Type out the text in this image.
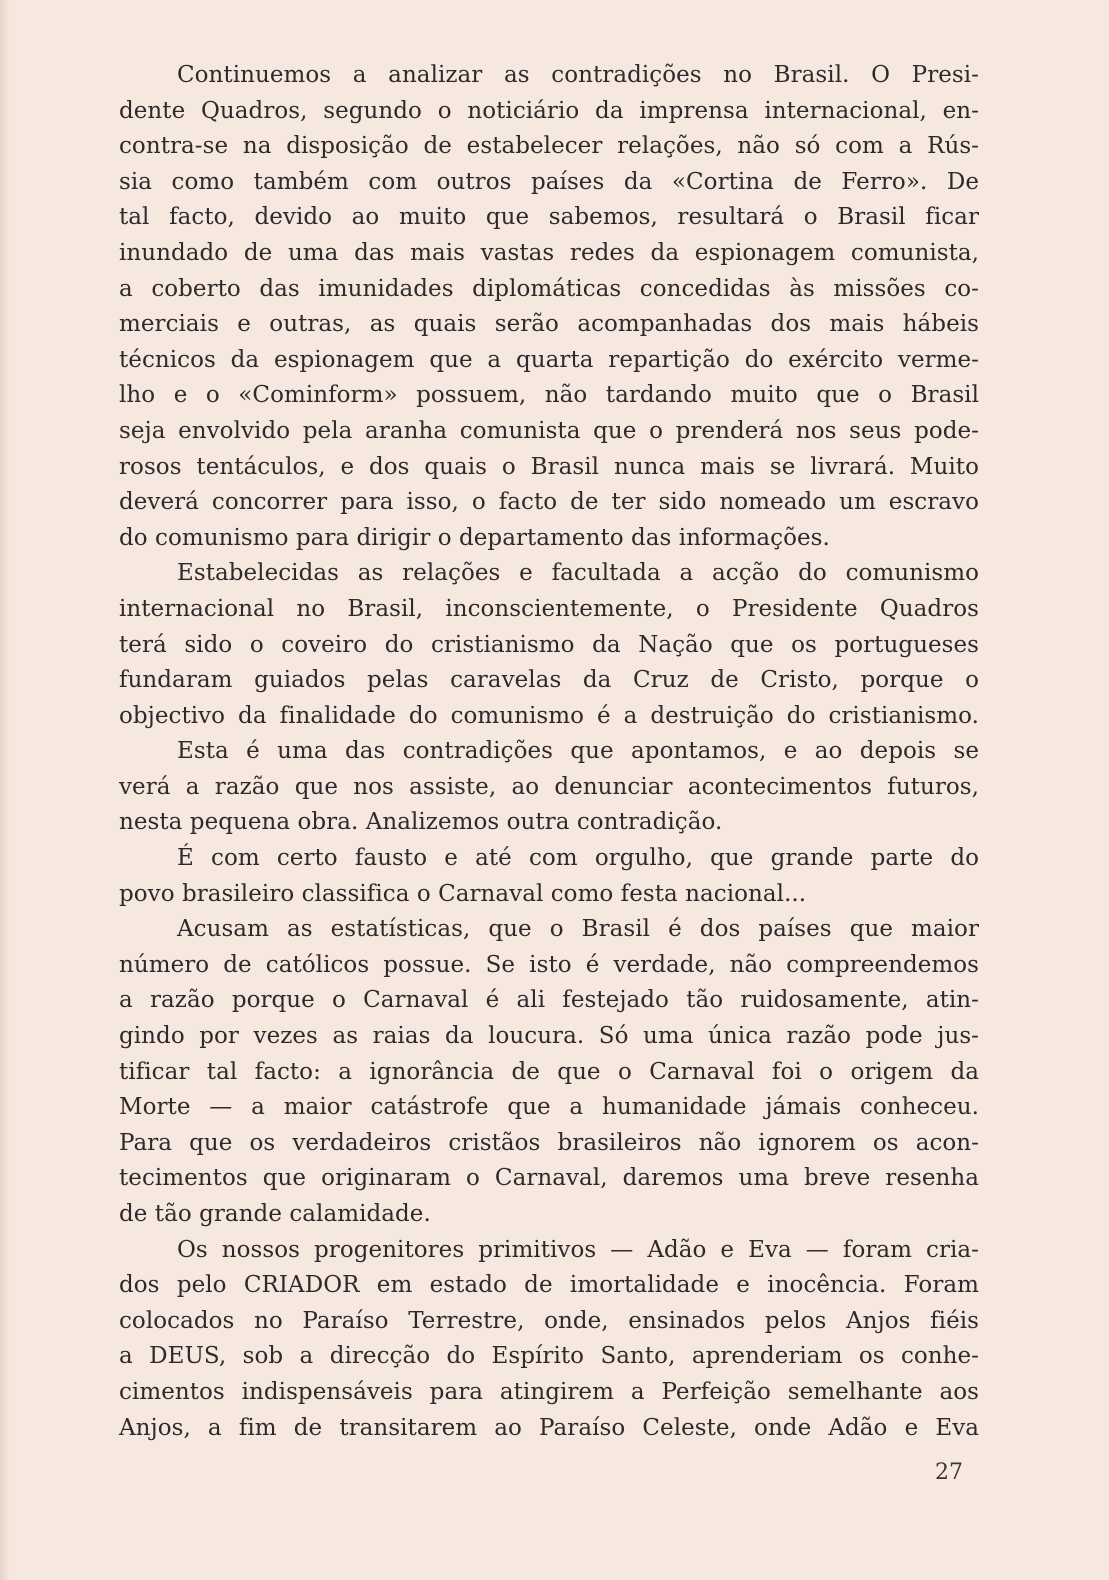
Continuemos a analizar as contradições no Brasil. O Presi-
dente Quadros, segundo o noticiário da imprensa internacional, en-
contra-se na disposição de estabelecer relações, não só com a Rús-
sia como também com outros países da «Cortina de Ferro». De
tal facto, devido ao muito que sabemos, resultará o Brasil ficar
inundado de uma das mais vastas redes da espionagem comunista,
a coberto das imunidades diplomáticas concedidas às missões co-
merciais e outras, as quais serão acompanhadas dos mais hábeis
técnicos da espionagem que a quarta repartição do exército verme-
lho e o «Cominform» possuem, não tardando muito que o Brasil
seja envolvido pela aranha comunista que o prenderá nos seus pode-
rosos tentáculos, e dos quais o Brasil nunca mais se livrará. Muito
deverá concorrer para isso, o facto de ter sido nomeado um escravo
do comunismo para dirigir o departamento das informações.
Estabelecidas as relações e facultada a acção do comunismo
internacional no Brasil, inconscientemente, o Presidente Quadros
terá sido o coveiro do cristianismo da Nação que os portugueses
fundaram guiados pelas caravelas da Cruz de Cristo, porque o
objectivo da finalidade do comunismo é a destruição do cristianismo.
Esta é uma das contradições que apontamos, e ao depois se
verá a razão que nos assiste, ao denunciar acontecimentos futuros,
nesta pequena obra. Analizemos outra contradição.
É com certo fausto e até com orgulho, que grande parte do
povo brasileiro classifica o Carnaval como festa nacional...
Acusam as estatísticas, que o Brasil é dos países que maior
número de católicos possue. Se isto é verdade, não compreendemos
a razão porque o Carnaval é ali festejado tão ruidosamente, atin-
gindo por vezes as raias da loucura. Só uma única razão pode jus-
tificar tal facto: a ignorância de que o Carnaval foi o origem da
Morte — a maior catástrofe que a humanidade jámais conheceu.
Para que os verdadeiros cristãos brasileiros não ignorem os acon-
tecimentos que originaram o Carnaval, daremos uma breve resenha
de tão grande calamidade.
Os nossos progenitores primitivos — Adão e Eva — foram cria-
dos pelo CRIADOR em estado de imortalidade e inocência. Foram
colocados no Paraíso Terrestre, onde, ensinados pelos Anjos fiéis
a DEUS, sob a direcção do Espírito Santo, aprenderiam os conhe-
cimentos indispensáveis para atingirem a Perfeição semelhante aos
Anjos, a fim de transitarem ao Paraíso Celeste, onde Adão e Eva
27
